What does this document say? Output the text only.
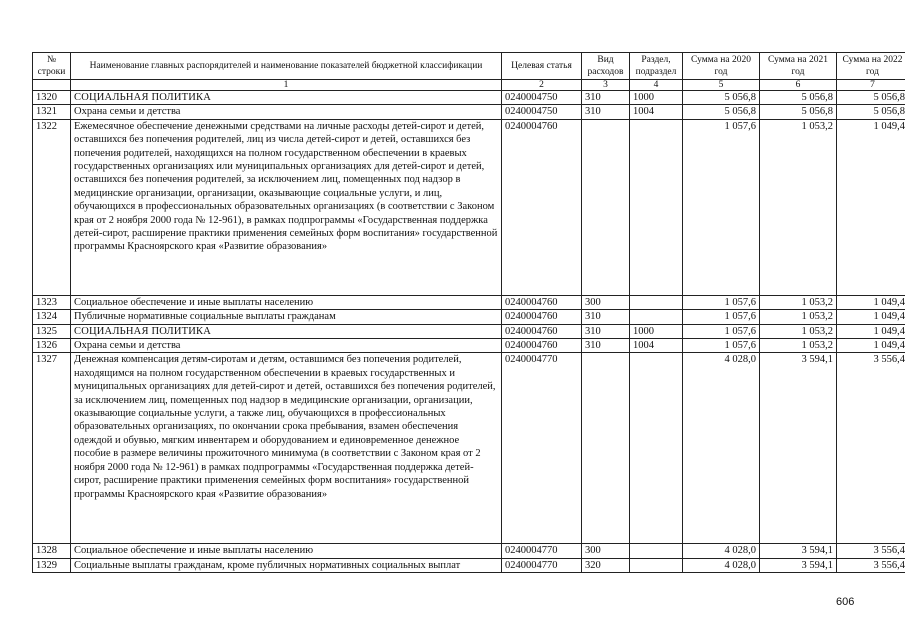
№
строки	Наименование главных распорядителей и наименование показателей бюджетной классификации	Целевая статья	Вид расходов	Раздел, подраздел	Сумма на 2020 год	Сумма на 2021 год	Сумма на 2022 год
	1	2	3	4	5	6	7
1320	СОЦИАЛЬНАЯ ПОЛИТИКА	0240004750	310	1000	5 056,8	5 056,8	5 056,8
1321	Охрана семьи и детства	0240004750	310	1004	5 056,8	5 056,8	5 056,8
1322	Ежемесячное обеспечение денежными средствами на личные расходы детей-сирот и детей, оставшихся без попечения родителей, лиц из числа детей-сирот и детей, оставшихся без попечения родителей, находящихся на полном государственном обеспечении в краевых государственных организациях или муниципальных организациях для детей-сирот и детей, оставшихся без попечения родителей, за исключением лиц, помещенных под надзор в медицинские организации, организации, оказывающие социальные услуги, и лиц, обучающихся в профессиональных образовательных организациях (в соответствии с Законом края от 2 ноября 2000 года № 12-961), в рамках подпрограммы «Государственная поддержка детей-сирот, расширение практики применения семейных форм воспитания» государственной программы Красноярского края «Развитие образования»	0240004760			1 057,6	1 053,2	1 049,4
1323	Социальное обеспечение и иные выплаты населению	0240004760	300		1 057,6	1 053,2	1 049,4
1324	Публичные нормативные социальные выплаты гражданам	0240004760	310		1 057,6	1 053,2	1 049,4
1325	СОЦИАЛЬНАЯ ПОЛИТИКА	0240004760	310	1000	1 057,6	1 053,2	1 049,4
1326	Охрана семьи и детства	0240004760	310	1004	1 057,6	1 053,2	1 049,4
1327	Денежная компенсация детям-сиротам и детям, оставшимся без попечения родителей, находящимся на полном государственном обеспечении в краевых государственных и муниципальных организациях для детей-сирот и детей, оставшихся без попечения родителей, за исключением лиц, помещенных под надзор в медицинские организации, организации, оказывающие социальные услуги, а также лиц, обучающихся в профессиональных образовательных организациях, по окончании срока пребывания, взамен обеспечения одеждой и обувью, мягким инвентарем и оборудованием и единовременное денежное пособие в размере величины прожиточного минимума (в соответствии с Законом края от 2 ноября 2000 года № 12-961) в рамках подпрограммы «Государственная поддержка детей-сирот, расширение практики применения семейных форм воспитания» государственной программы Красноярского края «Развитие образования»	0240004770			4 028,0	3 594,1	3 556,4
1328	Социальное обеспечение и иные выплаты населению	0240004770	300		4 028,0	3 594,1	3 556,4
1329	Социальные выплаты гражданам, кроме публичных нормативных социальных выплат	0240004770	320		4 028,0	3 594,1	3 556,4
606
